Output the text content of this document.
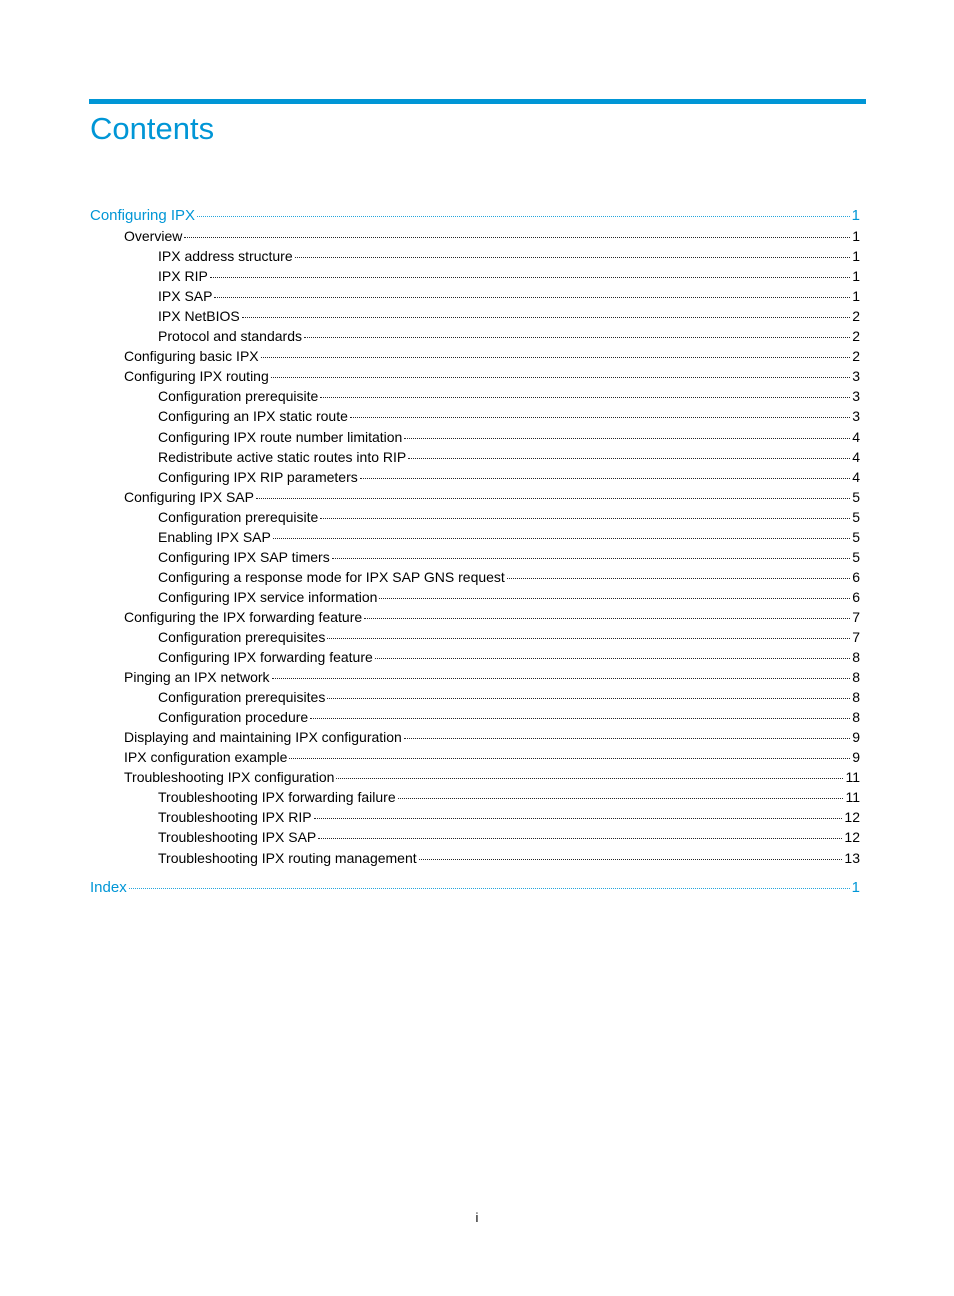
Contents
Configuring IPX	1
Overview	1
IPX address structure	1
IPX RIP	1
IPX SAP	1
IPX NetBIOS	2
Protocol and standards	2
Configuring basic IPX	2
Configuring IPX routing	3
Configuration prerequisite	3
Configuring an IPX static route	3
Configuring IPX route number limitation	4
Redistribute active static routes into RIP	4
Configuring IPX RIP parameters	4
Configuring IPX SAP	5
Configuration prerequisite	5
Enabling IPX SAP	5
Configuring IPX SAP timers	5
Configuring a response mode for IPX SAP GNS request	6
Configuring IPX service information	6
Configuring the IPX forwarding feature	7
Configuration prerequisites	7
Configuring IPX forwarding feature	8
Pinging an IPX network	8
Configuration prerequisites	8
Configuration procedure	8
Displaying and maintaining IPX configuration	9
IPX configuration example	9
Troubleshooting IPX configuration	11
Troubleshooting IPX forwarding failure	11
Troubleshooting IPX RIP	12
Troubleshooting IPX SAP	12
Troubleshooting IPX routing management	13
Index	1
i
